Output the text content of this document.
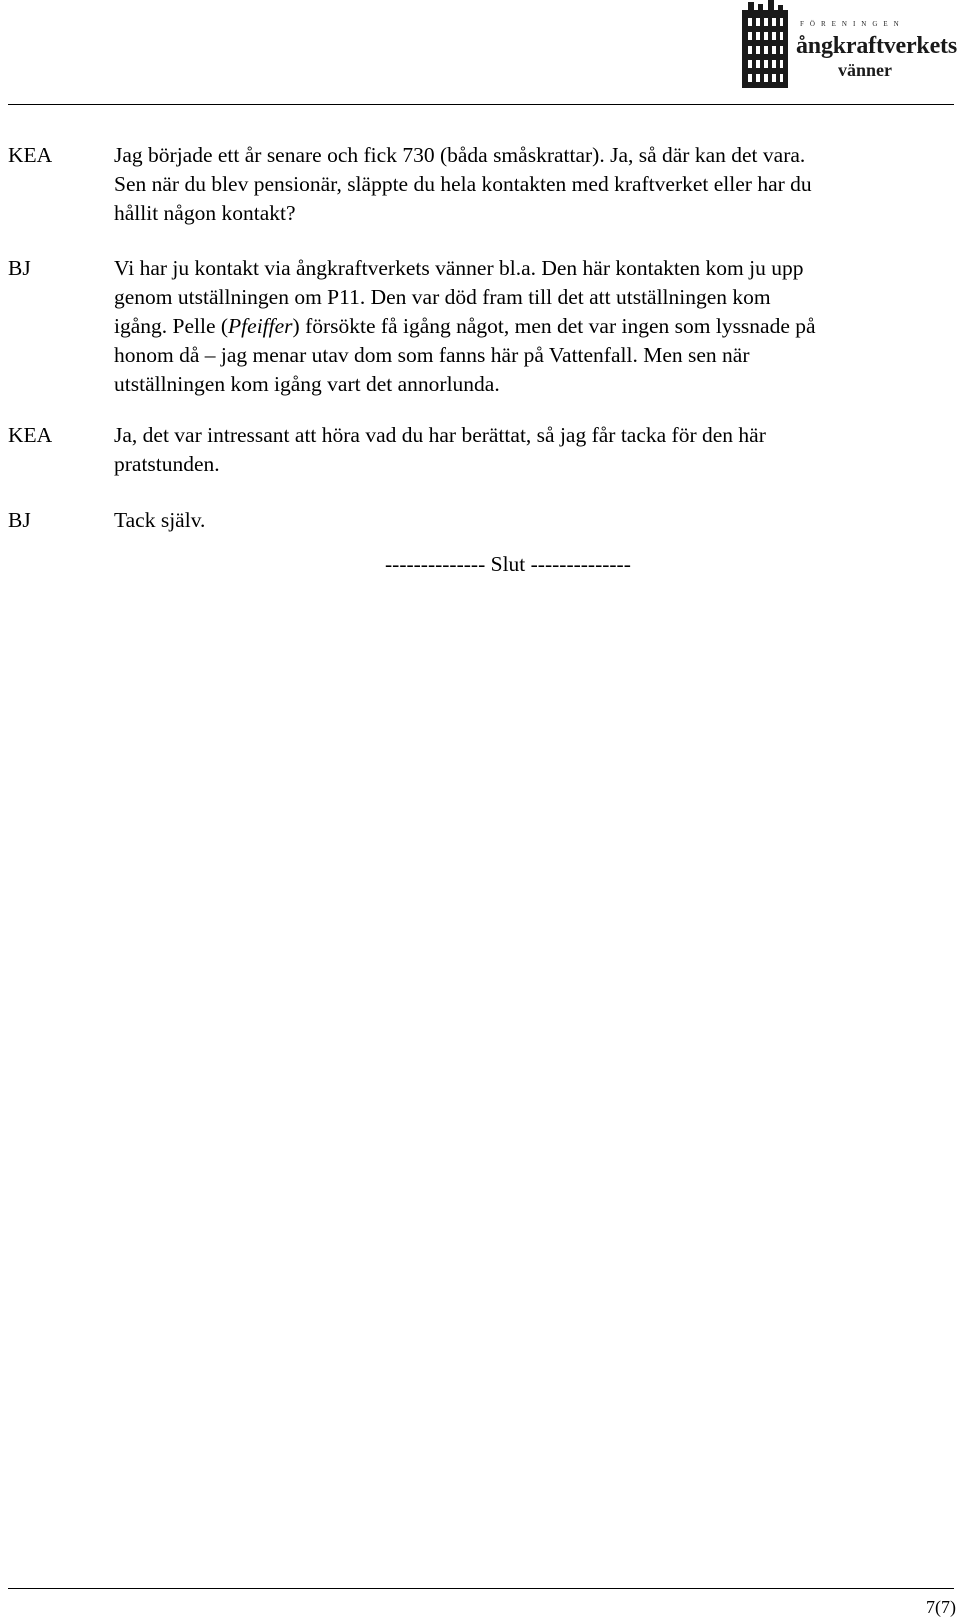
FÖRENINGEN
ångkraftverkets
vänner
KEA	Jag började ett år senare och fick 730 (båda småskrattar). Ja, så där kan det vara.
Sen när du blev pensionär, släppte du hela kontakten med kraftverket eller har du
hållit någon kontakt?
BJ	Vi har ju kontakt via ångkraftverkets vänner bl.a. Den här kontakten kom ju upp
genom utställningen om P11. Den var död fram till det att utställningen kom
igång. Pelle (Pfeiffer) försökte få igång något, men det var ingen som lyssnade på
honom då – jag menar utav dom som fanns här på Vattenfall. Men sen när
utställningen kom igång vart det annorlunda.
KEA	Ja, det var intressant att höra vad du har berättat, så jag får tacka för den här
pratstunden.
BJ	Tack själv.
-------------- Slut --------------
7(7)
